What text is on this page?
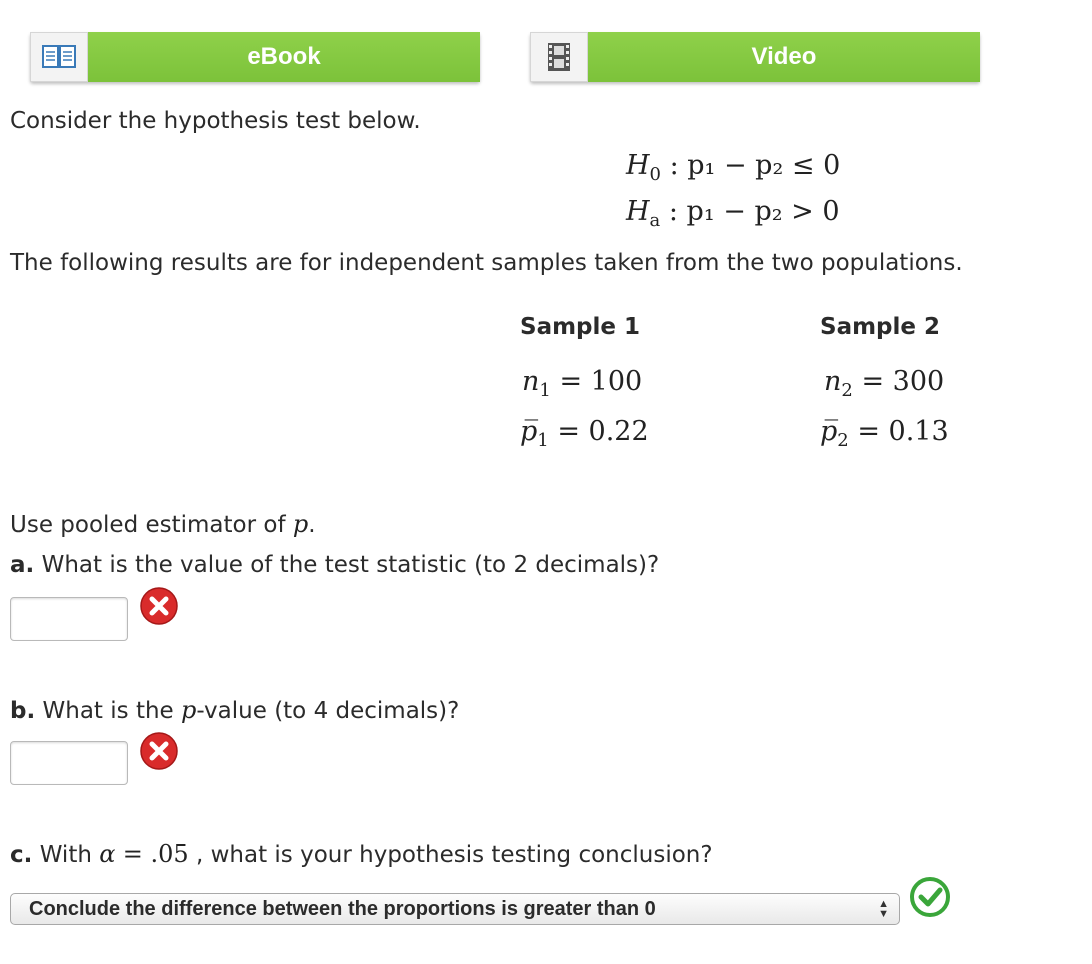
eBook	Video
Consider the hypothesis test below.
$H_0$ : p₁ − p₂ ≤ 0
$H_a$ : p₁ − p₂ > 0
The following results are for independent samples taken from the two populations.
Sample 1
$n_1 = 100$
$p̅_1 = 0.22$
Sample 2
$n_2 = 300$
$p̅_2 = 0.13$
Use pooled estimator of p.
a. What is the value of the test statistic (to 2 decimals)?
b. What is the p-value (to 4 decimals)?
c. With α = .05 , what is your hypothesis testing conclusion?
Conclude the difference between the proportions is greater than 0	▲
▼
